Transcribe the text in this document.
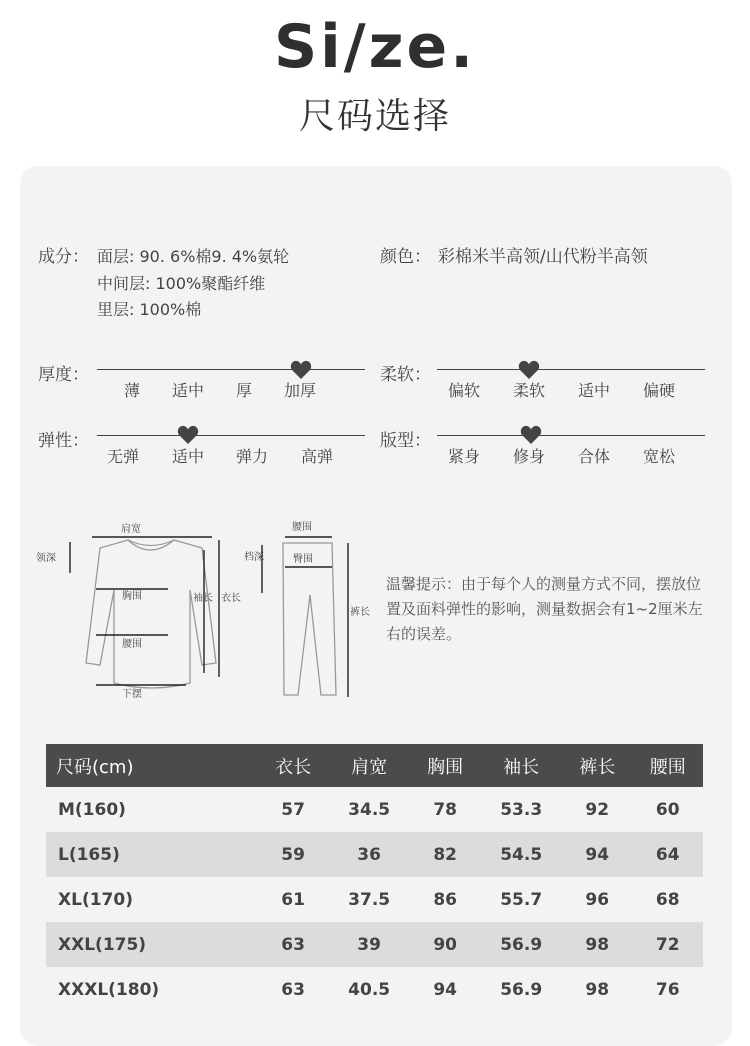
Si/ze.
尺码选择
成分： 面层: 90. 6%棉9. 4%氨轮
中间层: 100%聚酯纤维
里层: 100%棉
颜色： 彩棉米半高领/山代粉半高领
厚度：
薄	适中	厚	加厚
柔软：
偏软	柔软	适中	偏硬
弹性：
无弹	适中	弹力	高弹
版型：
紧身	修身	合体	宽松
肩宽
领深
胸围
腰围
下摆
袖长 衣长
腰围
臀围
档深
裤长
温馨提示：由于每个人的测量方式不同，摆放位置及面料弹性的影响，测量数据会有1~2厘米左右的误差。
尺码(cm)	衣长	肩宽	胸围	袖长	裤长	腰围
M(160)	57	34.5	78	53.3	92	60
L(165)	59	36	82	54.5	94	64
XL(170)	61	37.5	86	55.7	96	68
XXL(175)	63	39	90	56.9	98	72
XXXL(180)	63	40.5	94	56.9	98	76
